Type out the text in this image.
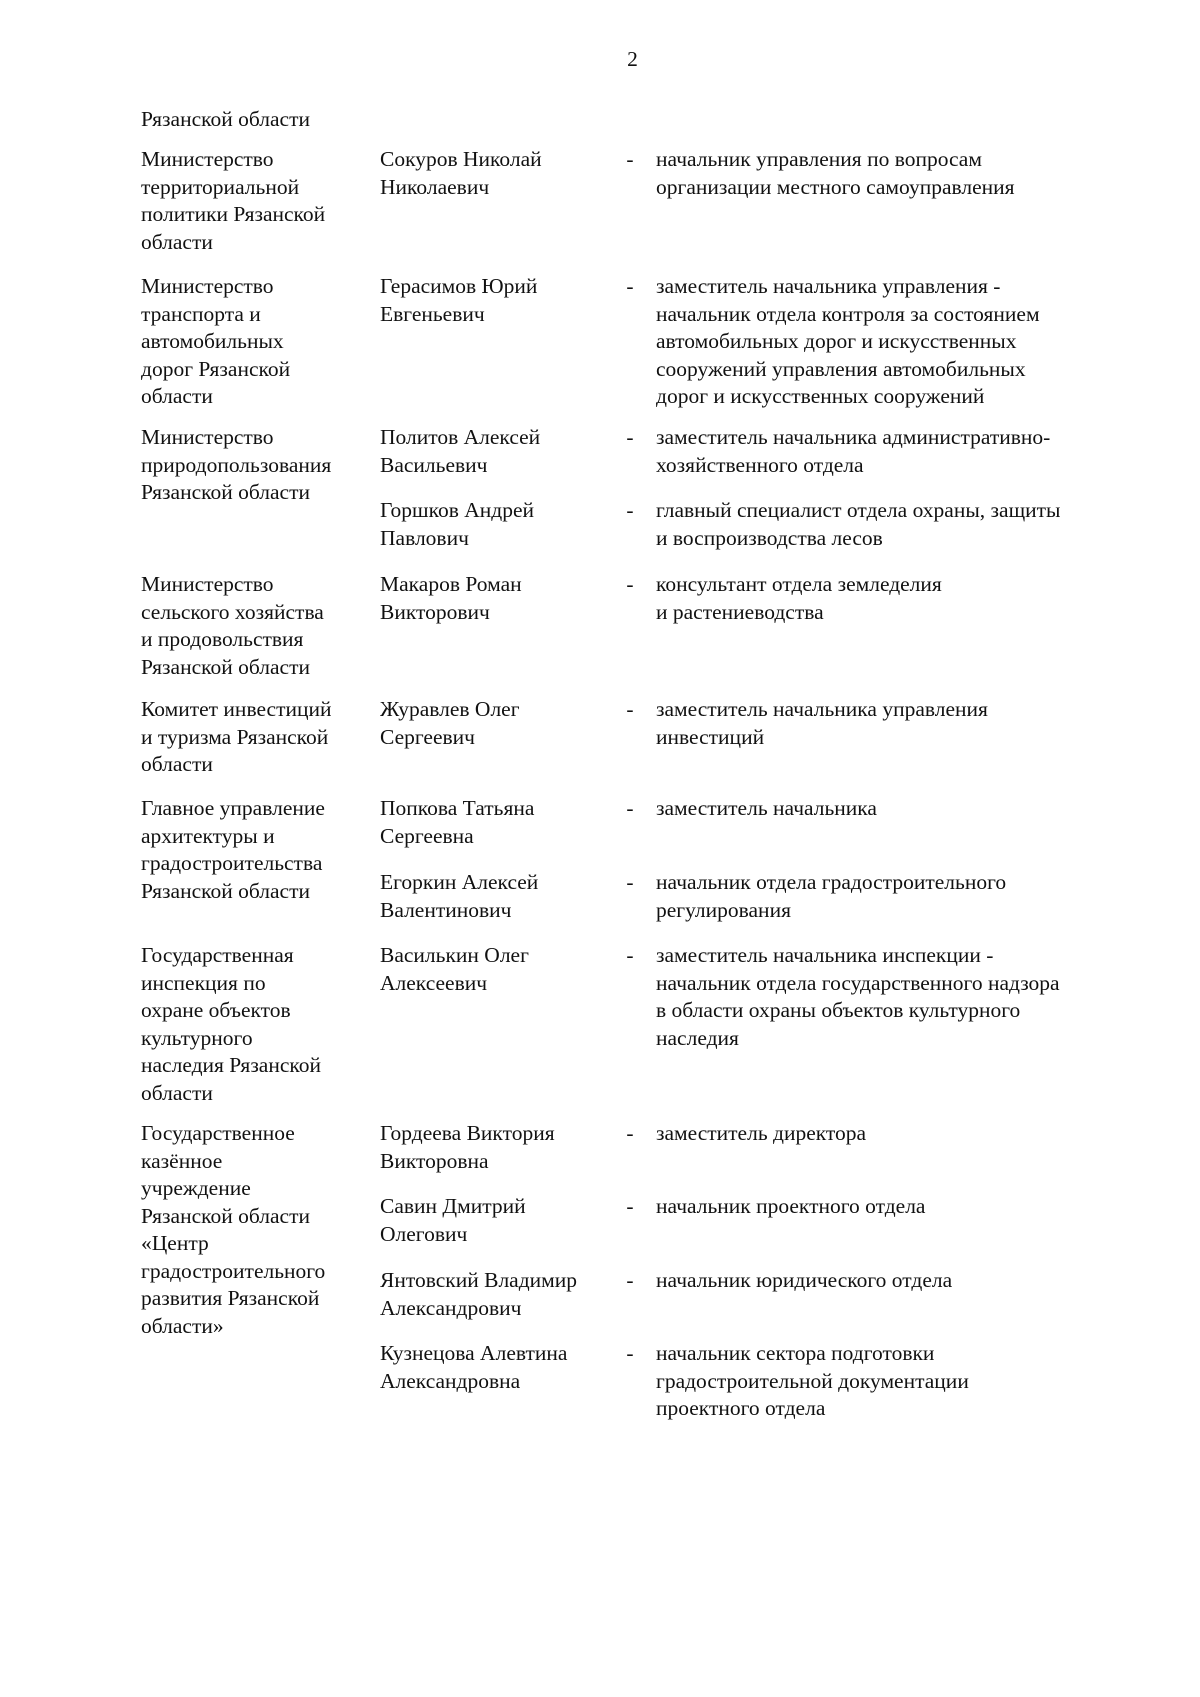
2
Рязанской области
Министерство
территориальной
политики Рязанской
области
Сокуров Николай
Николаевич
- начальник управления по вопросам
организации местного самоуправления
Министерство
транспорта и
автомобильных
дорог Рязанской
области
Герасимов Юрий
Евгеньевич
- заместитель начальника управления -
начальник отдела контроля за состоянием
автомобильных дорог и искусственных
сооружений управления автомобильных
дорог и искусственных сооружений
Министерство
природопользования
Рязанской области
Политов Алексей
Васильевич
- заместитель начальника административно-
хозяйственного отдела
Горшков Андрей
Павлович
- главный специалист отдела охраны, защиты
и воспроизводства лесов
Министерство
сельского хозяйства
и продовольствия
Рязанской области
Макаров Роман
Викторович
- консультант отдела земледелия
и растениеводства
Комитет инвестиций
и туризма Рязанской
области
Журавлев Олег
Сергеевич
- заместитель начальника управления
инвестиций
Главное управление
архитектуры и
градостроительства
Рязанской области
Попкова Татьяна
Сергеевна
- заместитель начальника
Егоркин Алексей
Валентинович
- начальник отдела градостроительного
регулирования
Государственная
инспекция по
охране объектов
культурного
наследия Рязанской
области
Василькин Олег
Алексеевич
- заместитель начальника инспекции -
начальник отдела государственного надзора
в области охраны объектов культурного
наследия
Государственное
казённое
учреждение
Рязанской области
«Центр
градостроительного
развития Рязанской
области»
Гордеева Виктория
Викторовна
- заместитель директора
Савин Дмитрий
Олегович
- начальник проектного отдела
Янтовский Владимир
Александрович
- начальник юридического отдела
Кузнецова Алевтина
Александровна
- начальник сектора подготовки
градостроительной документации
проектного отдела
